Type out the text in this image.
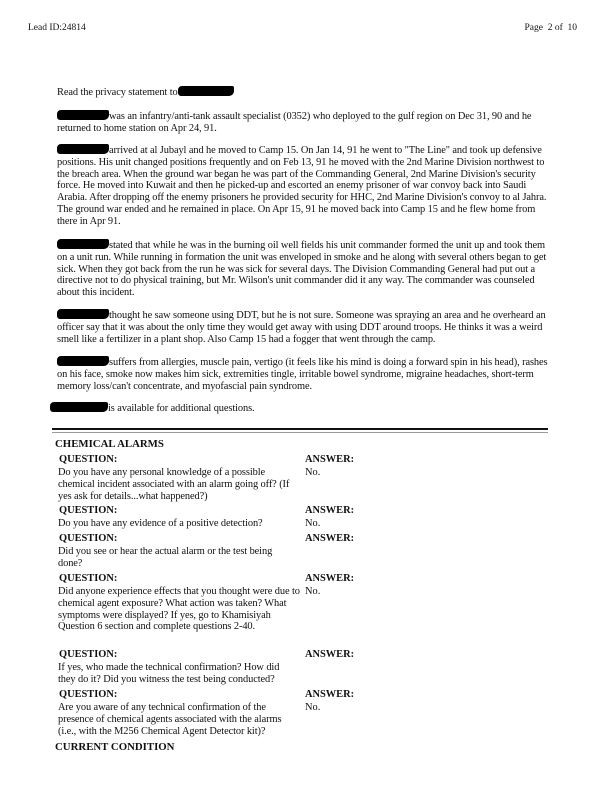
Lead ID:24814	Page  2 of  10

Read the privacy statement to

was an infantry/anti-tank assault specialist (0352) who deployed to the gulf region on Dec 31, 90 and he returned to home station on Apr 24, 91.

arrived at al Jubayl and he moved to Camp 15. On Jan 14, 91 he went to "The Line" and took up defensive positions. His unit changed positions frequently and on Feb 13, 91 he moved with the 2nd Marine Division northwest to the breach area. When the ground war began he was part of the Commanding General, 2nd Marine Division's security force. He moved into Kuwait and then he picked-up and escorted an enemy prisoner of war convoy back into Saudi Arabia. After dropping off the enemy prisoners he provided security for HHC, 2nd Marine Division's convoy to al Jahra. The ground war ended and he remained in place. On Apr 15, 91 he moved back into Camp 15 and he flew home from there in Apr 91.

stated that while he was in the burning oil well fields his unit commander formed the unit up and took them on a unit run. While running in formation the unit was enveloped in smoke and he along with several others began to get sick. When they got back from the run he was sick for several days. The Division Commanding General had put out a directive not to do physical training, but Mr. Wilson's unit commander did it any way. The commander was counseled about this incident.

thought he saw someone using DDT, but he is not sure. Someone was spraying an area and he overheard an officer say that it was about the only time they would get away with using DDT around troops. He thinks it was a weird smell like a fertilizer in a plant shop. Also Camp 15 had a fogger that went through the camp.

suffers from allergies, muscle pain, vertigo (it feels like his mind is doing a forward spin in his head), rashes on his face, smoke now makes him sick, extremities tingle, irritable bowel syndrome, migraine headaches, short-term memory loss/can't concentrate, and myofascial pain syndrome.

is available for additional questions.

CHEMICAL ALARMS
QUESTION:	ANSWER:
Do you have any personal knowledge of a possible chemical incident associated with an alarm going off? (If yes ask for details...what happened?)
No.
QUESTION:	ANSWER:
Do you have any evidence of a positive detection?	No.
QUESTION:	ANSWER:
Did you see or hear the actual alarm or the test being done?
QUESTION:	ANSWER:
Did anyone experience effects that you thought were due to chemical agent exposure? What action was taken? What symptoms were displayed? If yes, go to Khamisiyah Question 6 section and complete questions 2-40.
No.
QUESTION:	ANSWER:
If yes, who made the technical confirmation? How did they do it? Did you witness the test being conducted?
QUESTION:	ANSWER:
Are you aware of any technical confirmation of the presence of chemical agents associated with the alarms (i.e., with the M256 Chemical Agent Detector kit)?
No.
CURRENT CONDITION
